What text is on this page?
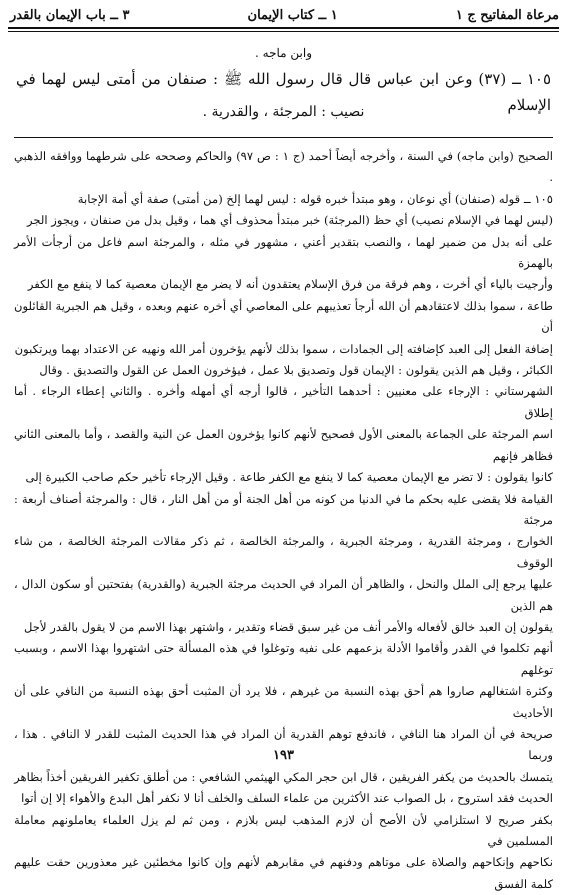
مرعاة المفاتيح ج ١
١ ــ كتاب الإيمان
٣ ــ باب الإيمان بالقدر
وابن ماجه .
١٠٥ ــ (٣٧) وعن ابن عباس قال قال رسول الله ﷺ : صنفان من أمتى ليس لهما في الإسلام
نصيب : المرجئة ، والقدرية .

الصحيح (وابن ماجه) في السنة ، وأخرجه أيضاً أحمد (ج ١ : ص ٩٧) والحاكم وصححه على شرطهما ووافقه الذهبي .

١٠٥ ــ قوله (صنفان) أي نوعان ، وهو مبتدأ خبره قوله : ليس لهما إلخ (من أمتى) صفة أي أمة الإجابة

(ليس لهما في الإسلام نصيب) أي حظ (المرجئة) خبر مبتدأ محذوف أي هما ، وقيل بدل من صنفان ، ويجوز الجر

على أنه بدل من ضمير لهما ، والنصب بتقدير أعني ، مشهور في مثله ، والمرجئة اسم فاعل من أرجأت الأمر بالهمزة

وأرجيت بالياء أي أخرت ، وهم فرقة من فرق الإسلام يعتقدون أنه لا يضر مع الإيمان معصية كما لا ينفع مع الكفر

طاعة ، سموا بذلك لاعتقادهم أن الله أرجأ تعذيبهم على المعاصي أي أخره عنهم وبعده ، وقيل هم الجبرية القائلون أن

إضافة الفعل إلى العبد كإضافته إلى الجمادات ، سموا بذلك لأنهم يؤخرون أمر الله ونهيه عن الاعتداد بهما ويرتكبون

الكبائر ، وقيل هم الذين يقولون : الإيمان قول وتصديق بلا عمل ، فيؤخرون العمل عن القول والتصديق . وقال

الشهرستاني : الإرجاء على معنيين : أحدهما التأخير ، قالوا أرجه أي أمهله وأخره . والثاني إعطاء الرجاء . أما إطلاق

اسم المرجئة على الجماعة بالمعنى الأول فصحيح لأنهم كانوا يؤخرون العمل عن النية والقصد ، وأما بالمعنى الثاني فظاهر فإنهم

كانوا يقولون : لا تضر مع الإيمان معصية كما لا ينفع مع الكفر طاعة . وقيل الإرجاء تأخير حكم صاحب الكبيرة إلى

القيامة فلا يقضى عليه بحكم ما في الدنيا من كونه من أهل الجنة أو من أهل النار ، قال : والمرجئة أصناف أربعة : مرجئة

الخوارج ، ومرجئة القدرية ، ومرجئة الجبرية ، والمرجئة الخالصة ، ثم ذكر مقالات المرجئة الخالصة ، من شاء الوقوف

عليها يرجع إلى الملل والنحل ، والظاهر أن المراد في الحديث مرجئة الجبرية (والقدرية) بفتحتين أو سكون الدال ، هم الذين

يقولون إن العبد خالق لأفعاله والأمر أنف من غير سبق قضاء وتقدير ، واشتهر بهذا الاسم من لا يقول بالقدر لأجل

أنهم تكلموا في القدر وأقاموا الأدلة بزعمهم على نفيه وتوغلوا في هذه المسألة حتى اشتهروا بهذا الاسم ، وبسبب توغلهم

وكثرة اشتغالهم صاروا هم أحق بهذه النسبة من غيرهم ، فلا يرد أن المثبت أحق بهذه النسبة من النافي على أن الأحاديث

صريحة في أن المراد هنا النافي ، فاندفع توهم القدرية أن المراد في هذا الحديث المثبت للقدر لا النافي . هذا ، وربما

يتمسك بالحديث من يكفر الفريقين ، قال ابن حجر المكي الهيثمي الشافعي : من أطلق تكفير الفريقين أخذاً بظاهر

الحديث فقد استروح ، بل الصواب عند الأكثرين من علماء السلف والخلف أنا لا نكفر أهل البدع والأهواء إلا إن أتوا

بكفر صريح لا استلزامي لأن الأصح أن لازم المذهب ليس بلازم ، ومن ثم لم يزل العلماء يعاملونهم معاملة المسلمين في

نكاحهم وإنكاحهم والصلاة على موتاهم ودفنهم في مقابرهم لأنهم وإن كانوا مخطئين غير معذورين حقت عليهم كلمة الفسق

١٩٣
